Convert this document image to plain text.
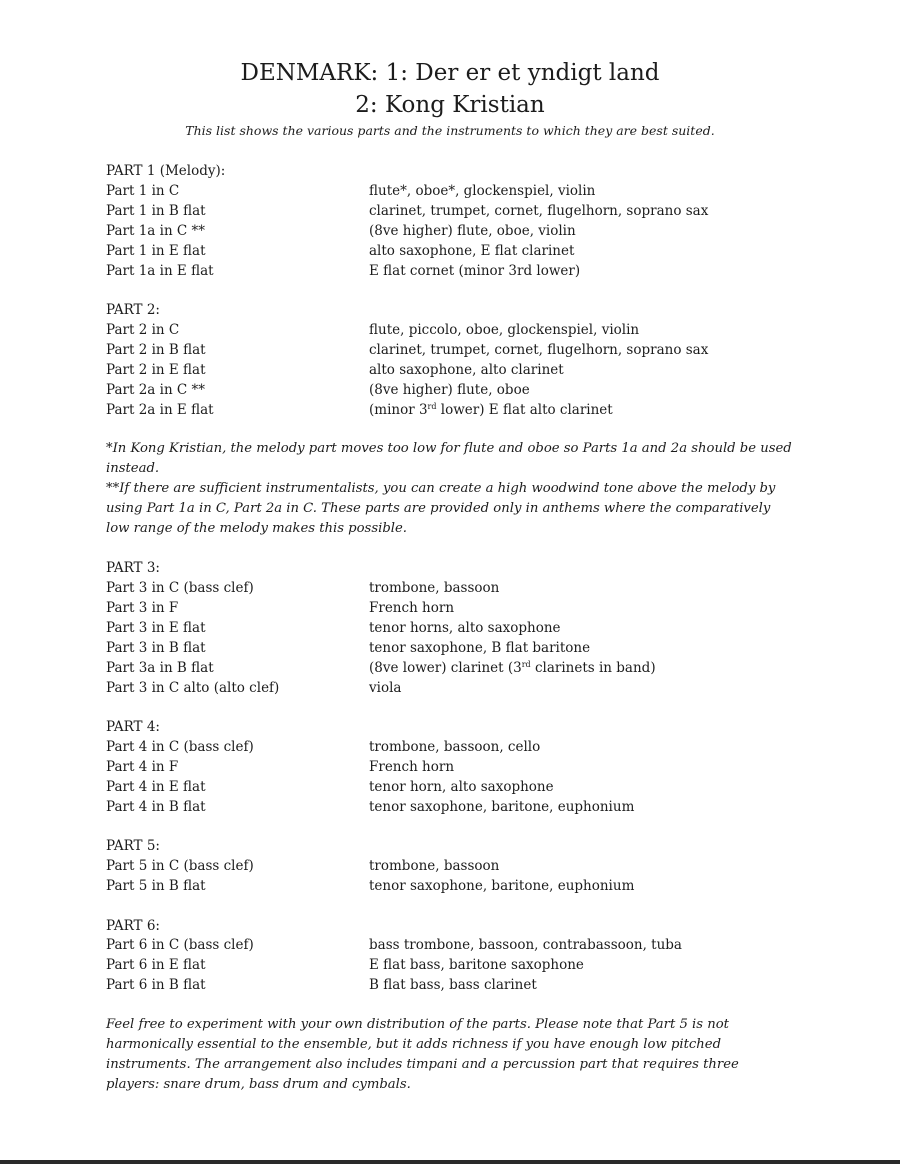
DENMARK: 1: Der er et yndigt land
2: Kong Kristian
This list shows the various parts and the instruments to which they are best suited.
PART 1 (Melody):
Part 1 in C	flute*, oboe*, glockenspiel, violin
Part 1 in B flat	clarinet, trumpet, cornet, flugelhorn, soprano sax
Part 1a in C **	(8ve higher) flute, oboe, violin
Part 1 in E flat	alto saxophone, E flat clarinet
Part 1a in E flat	E flat cornet (minor 3rd lower)
PART 2:
Part 2 in C	flute, piccolo, oboe, glockenspiel, violin
Part 2 in B flat	clarinet, trumpet, cornet, flugelhorn, soprano sax
Part 2 in E flat	alto saxophone, alto clarinet
Part 2a in C **	(8ve higher) flute, oboe
Part 2a in E flat	(minor 3rd lower) E flat alto clarinet
*In Kong Kristian, the melody part moves too low for flute and oboe so Parts 1a and 2a should be used instead.
**If there are sufficient instrumentalists, you can create a high woodwind tone above the melody by using Part 1a in C, Part 2a in C. These parts are provided only in anthems where the comparatively low range of the melody makes this possible.
PART 3:
Part 3 in C (bass clef)	trombone, bassoon
Part 3 in F	French horn
Part 3 in E flat	tenor horns, alto saxophone
Part 3 in B flat	tenor saxophone, B flat baritone
Part 3a in B flat	(8ve lower) clarinet (3rd clarinets in band)
Part 3 in C alto (alto clef)	viola
PART 4:
Part 4 in C (bass clef)	trombone, bassoon, cello
Part 4 in F	French horn
Part 4 in E flat	tenor horn, alto saxophone
Part 4 in B flat	tenor saxophone, baritone, euphonium
PART 5:
Part 5 in C (bass clef)	trombone, bassoon
Part 5 in B flat	tenor saxophone, baritone, euphonium
PART 6:
Part 6 in C (bass clef)	bass trombone, bassoon, contrabassoon, tuba
Part 6 in E flat	E flat bass, baritone saxophone
Part 6 in B flat	B flat bass, bass clarinet
Feel free to experiment with your own distribution of the parts. Please note that Part 5 is not harmonically essential to the ensemble, but it adds richness if you have enough low pitched instruments. The arrangement also includes timpani and a percussion part that requires three players: snare drum, bass drum and cymbals.
